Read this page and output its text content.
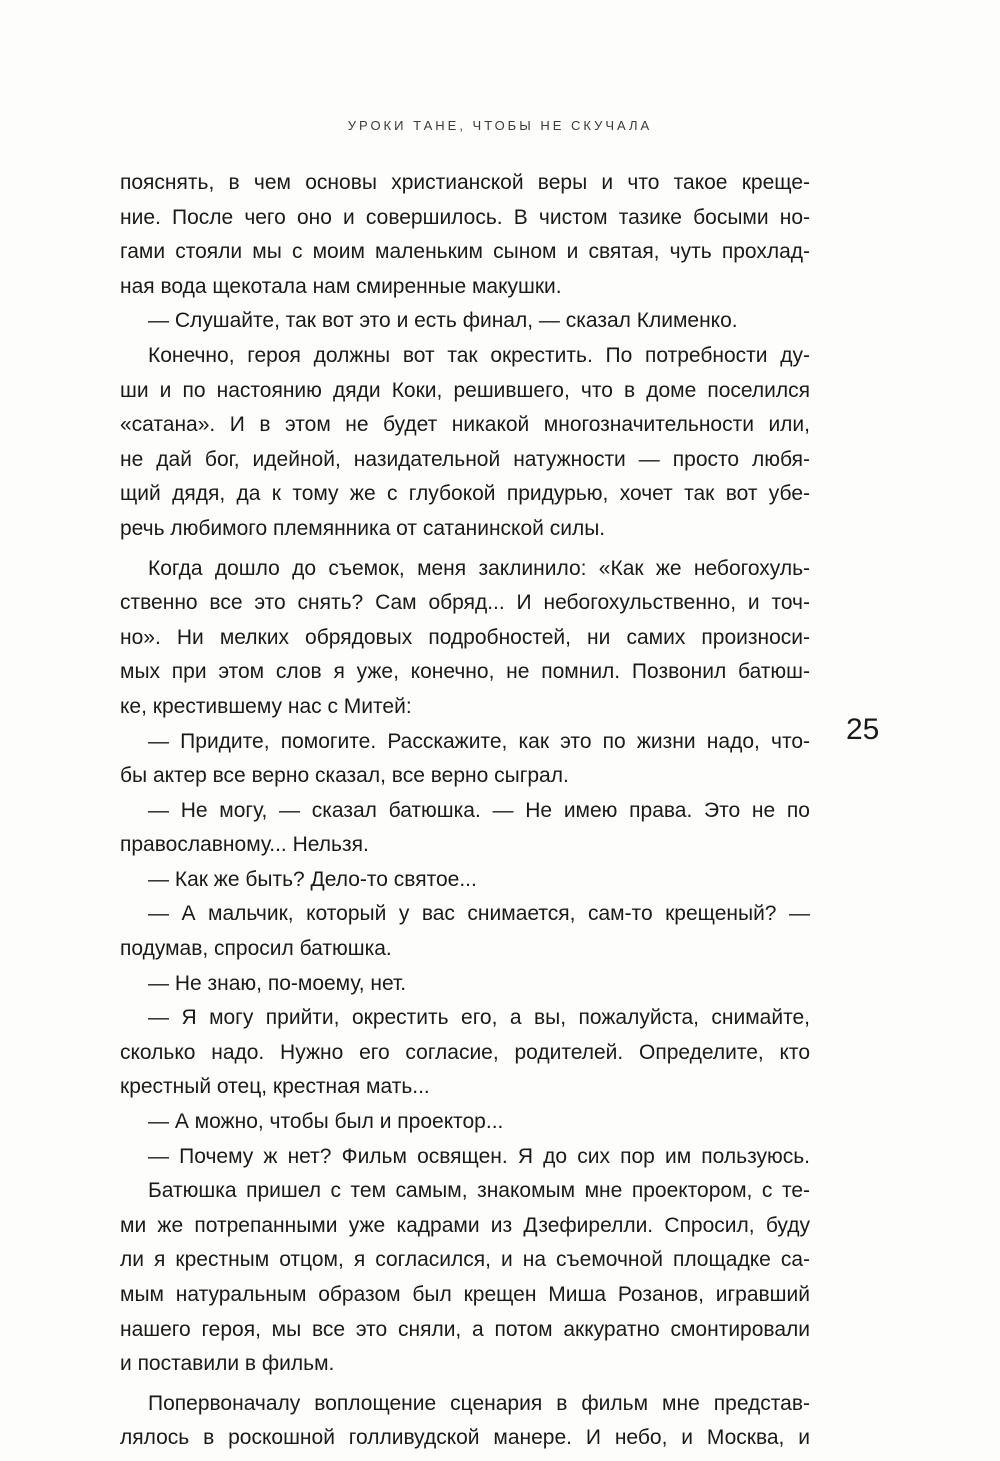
УРОКИ ТАНЕ, ЧТОБЫ НЕ СКУЧАЛА
25
пояснять, в чем основы христианской веры и что такое креще-
ние. После чего оно и совершилось. В чистом тазике босыми но-
гами стояли мы с моим маленьким сыном и святая, чуть прохлад-
ная вода щекотала нам смиренные макушки.
— Слушайте, так вот это и есть финал, — сказал Клименко.
Конечно, героя должны вот так окрестить. По потребности ду-
ши и по настоянию дяди Коки, решившего, что в доме поселился
«сатана». И в этом не будет никакой многозначительности или,
не дай бог, идейной, назидательной натужности — просто любя-
щий дядя, да к тому же с глубокой придурью, хочет так вот убе-
речь любимого племянника от сатанинской силы.
Когда дошло до съемок, меня заклинило: «Как же небогохуль-
ственно все это снять? Сам обряд... И небогохульственно, и точ-
но». Ни мелких обрядовых подробностей, ни самих произноси-
мых при этом слов я уже, конечно, не помнил. Позвонил батюш-
ке, крестившему нас с Митей:
— Придите, помогите. Расскажите, как это по жизни надо, что-
бы актер все верно сказал, все верно сыграл.
— Не могу, — сказал батюшка. — Не имею права. Это не по
православному... Нельзя.
— Как же быть? Дело-то святое...
— А мальчик, который у вас снимается, сам-то крещеный? —
подумав, спросил батюшка.
— Не знаю, по-моему, нет.
— Я могу прийти, окрестить его, а вы, пожалуйста, снимайте,
сколько надо. Нужно его согласие, родителей. Определите, кто
крестный отец, крестная мать...
— А можно, чтобы был и проектор...
— Почему ж нет? Фильм освящен. Я до сих пор им пользуюсь.
Батюшка пришел с тем самым, знакомым мне проектором, с те-
ми же потрепанными уже кадрами из Дзефирелли. Спросил, буду
ли я крестным отцом, я согласился, и на съемочной площадке са-
мым натуральным образом был крещен Миша Розанов, игравший
нашего героя, мы все это сняли, а потом аккуратно смонтировали
и поставили в фильм.
Попервоначалу воплощение сценария в фильм мне представ-
лялось в роскошной голливудской манере. И небо, и Москва, и
